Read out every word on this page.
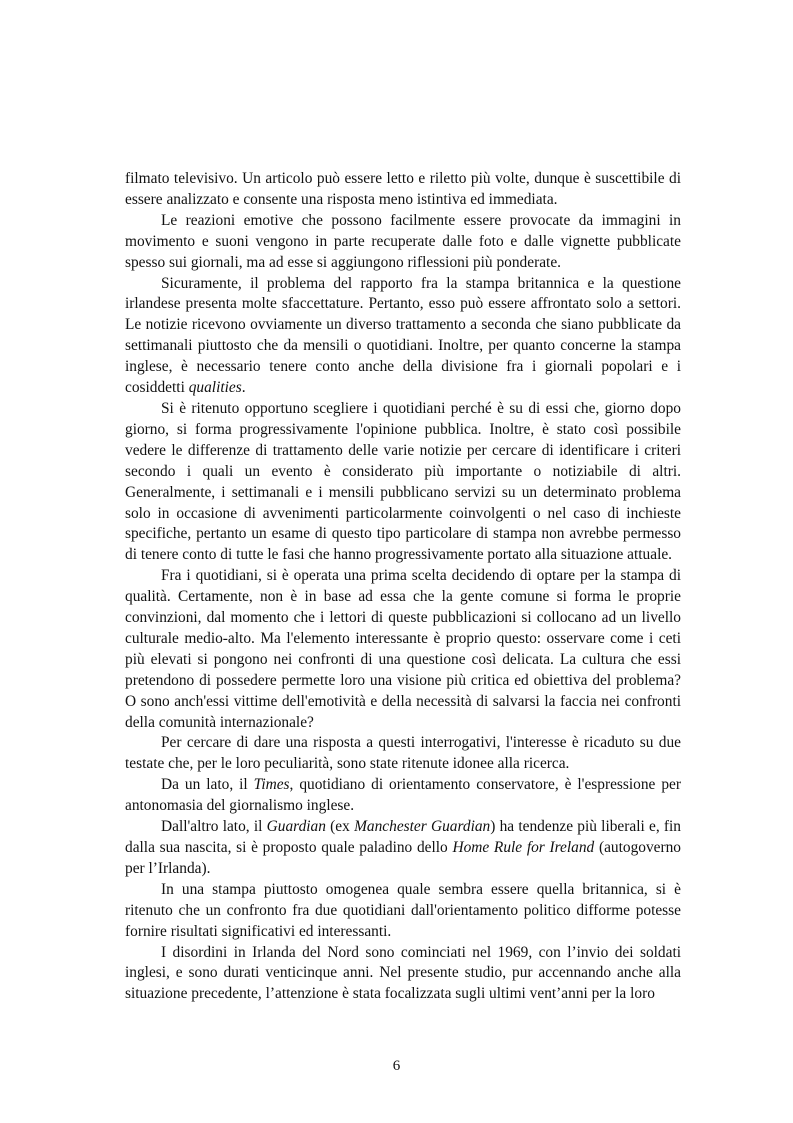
filmato televisivo. Un articolo può essere letto e riletto più volte, dunque è suscettibile di essere analizzato e consente una risposta meno istintiva ed immediata.

Le reazioni emotive che possono facilmente essere provocate da immagini in movimento e suoni vengono in parte recuperate dalle foto e dalle vignette pubblicate spesso sui giornali, ma ad esse si aggiungono riflessioni più ponderate.

Sicuramente, il problema del rapporto fra la stampa britannica e la questione irlandese presenta molte sfaccettature. Pertanto, esso può essere affrontato solo a settori. Le notizie ricevono ovviamente un diverso trattamento a seconda che siano pubblicate da settimanali piuttosto che da mensili o quotidiani. Inoltre, per quanto concerne la stampa inglese, è necessario tenere conto anche della divisione fra i giornali popolari e i cosiddetti qualities.

Si è ritenuto opportuno scegliere i quotidiani perché è su di essi che, giorno dopo giorno, si forma progressivamente l'opinione pubblica. Inoltre, è stato così possibile vedere le differenze di trattamento delle varie notizie per cercare di identificare i criteri secondo i quali un evento è considerato più importante o notiziabile di altri. Generalmente, i settimanali e i mensili pubblicano servizi su un determinato problema solo in occasione di avvenimenti particolarmente coinvolgenti o nel caso di inchieste specifiche, pertanto un esame di questo tipo particolare di stampa non avrebbe permesso di tenere conto di tutte le fasi che hanno progressivamente portato alla situazione attuale.

Fra i quotidiani, si è operata una prima scelta decidendo di optare per la stampa di qualità. Certamente, non è in base ad essa che la gente comune si forma le proprie convinzioni, dal momento che i lettori di queste pubblicazioni si collocano ad un livello culturale medio-alto. Ma l'elemento interessante è proprio questo: osservare come i ceti più elevati si pongono nei confronti di una questione così delicata. La cultura che essi pretendono di possedere permette loro una visione più critica ed obiettiva del problema? O sono anch'essi vittime dell'emotività e della necessità di salvarsi la faccia nei confronti della comunità internazionale?

Per cercare di dare una risposta a questi interrogativi, l'interesse è ricaduto su due testate che, per le loro peculiarità, sono state ritenute idonee alla ricerca.

Da un lato, il Times, quotidiano di orientamento conservatore, è l'espressione per antonomasia del giornalismo inglese.

Dall'altro lato, il Guardian (ex Manchester Guardian) ha tendenze più liberali e, fin dalla sua nascita, si è proposto quale paladino dello Home Rule for Ireland (autogoverno per l’Irlanda).

In una stampa piuttosto omogenea quale sembra essere quella britannica, si è ritenuto che un confronto fra due quotidiani dall'orientamento politico difforme potesse fornire risultati significativi ed interessanti.

I disordini in Irlanda del Nord sono cominciati nel 1969, con l’invio dei soldati inglesi, e sono durati venticinque anni. Nel presente studio, pur accennando anche alla situazione precedente, l’attenzione è stata focalizzata sugli ultimi vent’anni per la loro

6
